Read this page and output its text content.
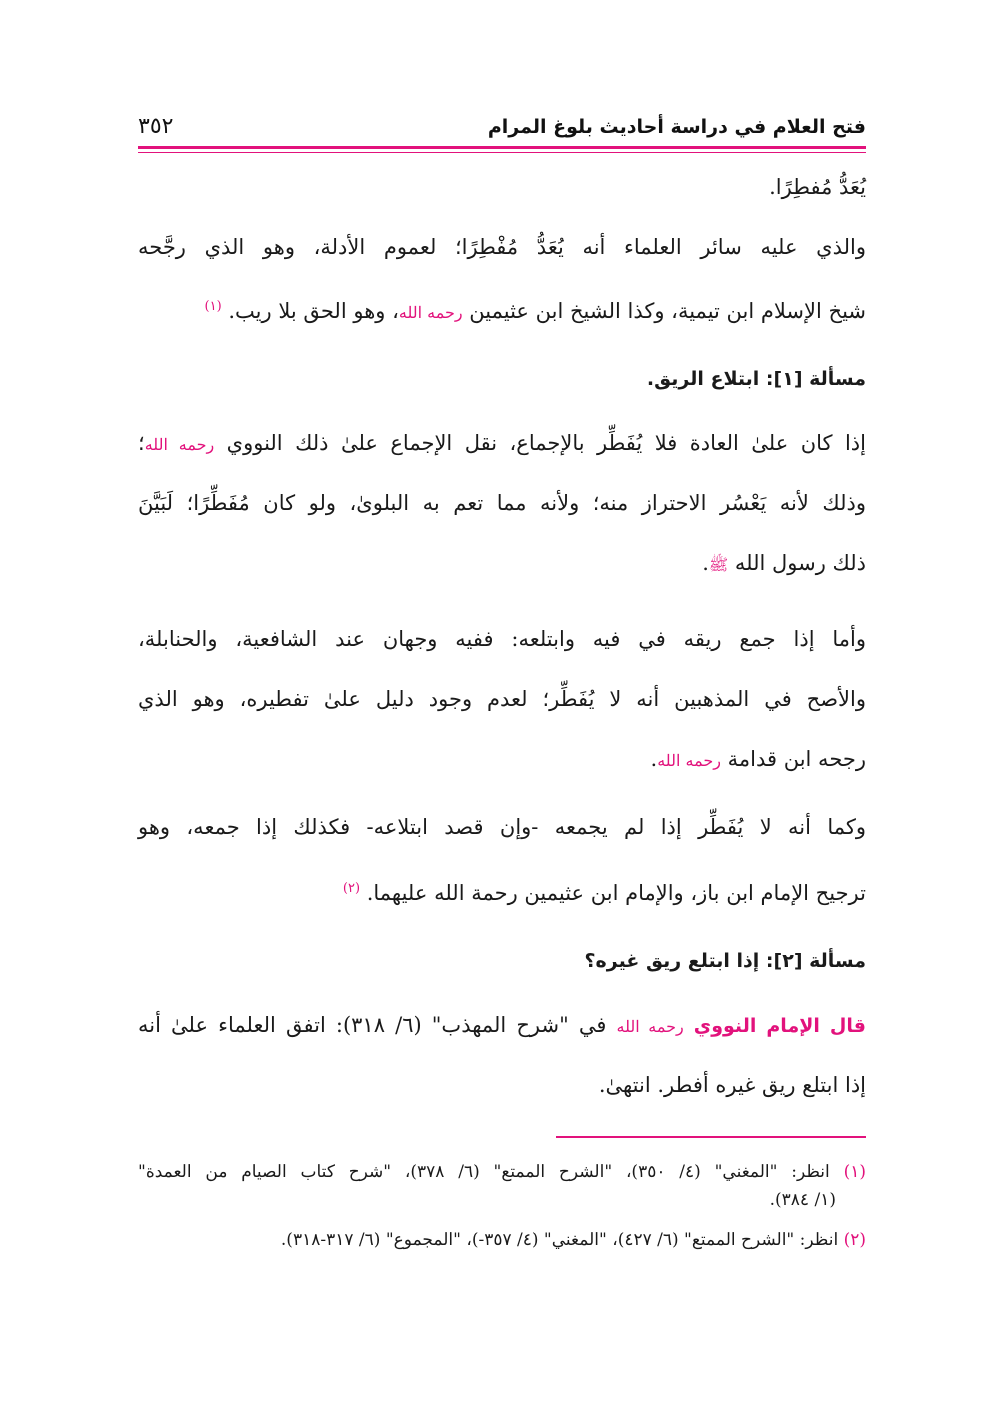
فتح العلام في دراسة أحاديث بلوغ المرام
٣٥٢
يُعَدُّ مُفطِرًا.
والذي عليه سائر العلماء أنه يُعَدُّ مُفْطِرًا؛ لعموم الأدلة، وهو الذي رجَّحه
شيخ الإسلام ابن تيمية، وكذا الشيخ ابن عثيمين رحمه الله، وهو الحق بلا ريب. $^{(١)}$
مسألة [١]: ابتلاع الريق.
إذا كان علىٰ العادة فلا يُفَطِّر بالإجماع، نقل الإجماع علىٰ ذلك النووي رحمه الله؛
وذلك لأنه يَعْسُر الاحتراز منه؛ ولأنه مما تعم به البلوىٰ، ولو كان مُفَطِّرًا؛ لَبَيَّنَ
ذلك رسول الله ﷺ.
وأما إذا جمع ريقه في فيه وابتلعه: ففيه وجهان عند الشافعية، والحنابلة،
والأصح في المذهبين أنه لا يُفَطِّر؛ لعدم وجود دليل علىٰ تفطيره، وهو الذي
رجحه ابن قدامة رحمه الله.
وكما أنه لا يُفَطِّر إذا لم يجمعه -وإن قصد ابتلاعه- فكذلك إذا جمعه، وهو
ترجيح الإمام ابن باز، والإمام ابن عثيمين رحمة الله عليهما. $^{(٢)}$
مسألة [٢]: إذا ابتلع ريق غيره؟
قال الإمام النووي رحمه الله في "شرح المهذب" (٦/ ٣١٨): اتفق العلماء علىٰ أنه
إذا ابتلع ريق غيره أفطر. انتهىٰ.
(١) انظر: "المغني" (٤/ ٣٥٠)، "الشرح الممتع" (٦/ ٣٧٨)، "شرح كتاب الصيام من العمدة"
(١/ ٣٨٤).
(٢) انظر: "الشرح الممتع" (٦/ ٤٢٧)، "المغني" (٤/ ٣٥٧-)، "المجموع" (٦/ ٣١٧-٣١٨).
